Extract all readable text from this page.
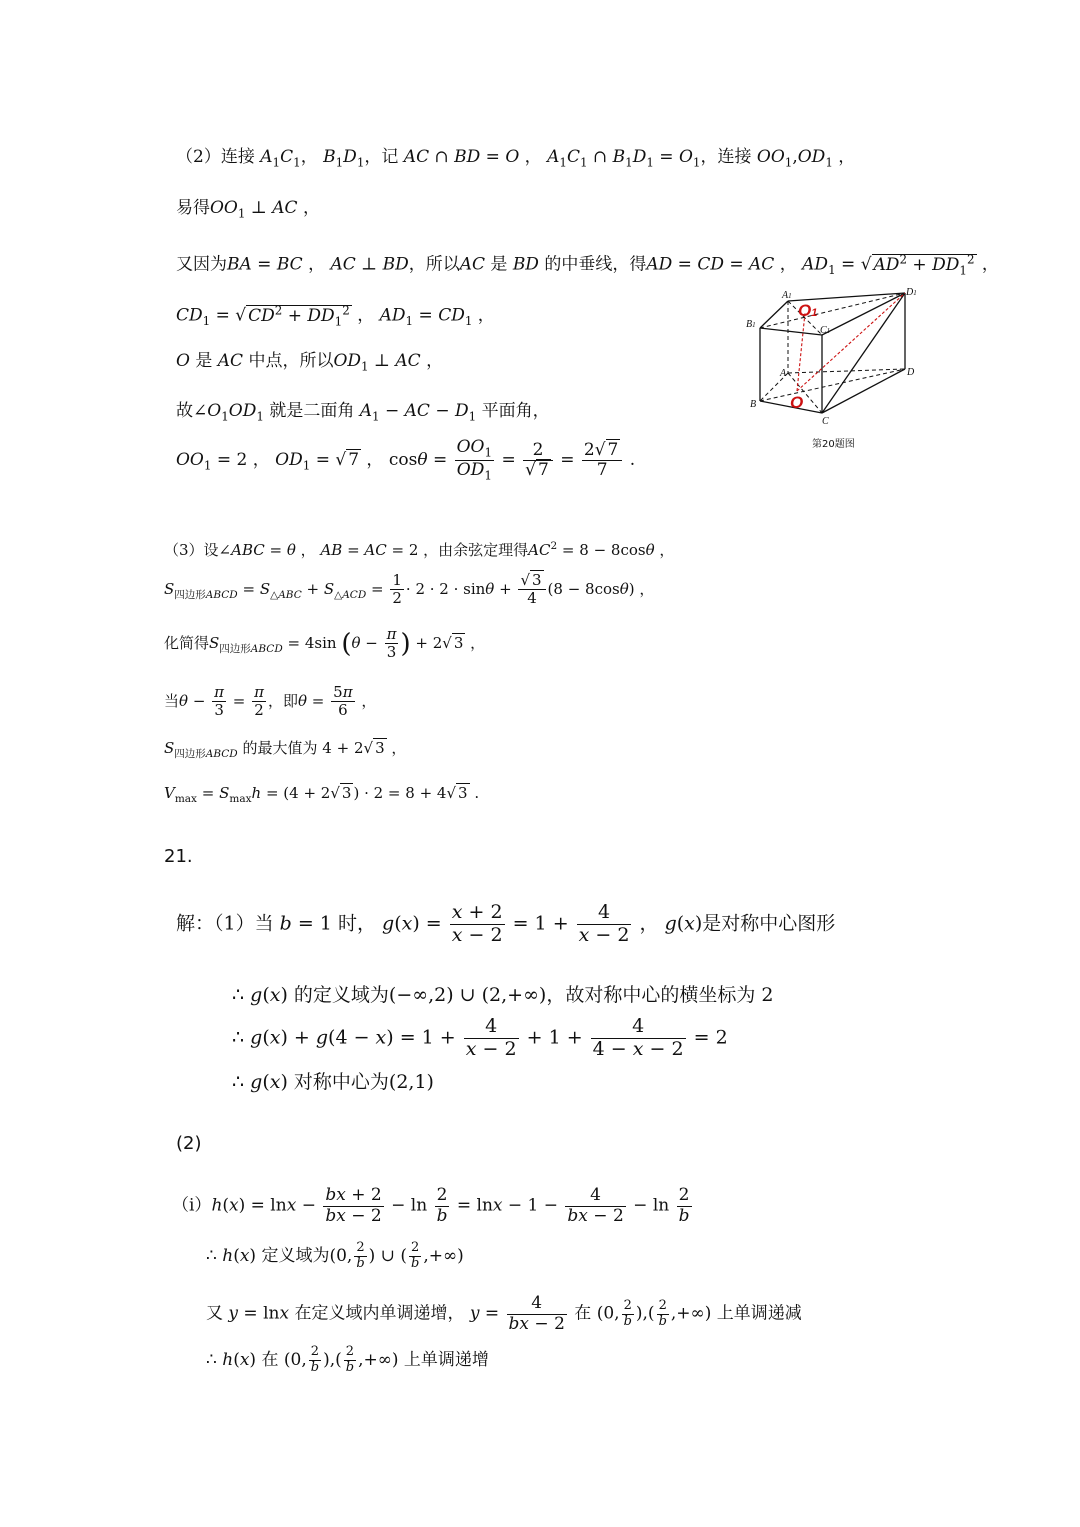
（2）连接 $A_1C_1$， $B_1D_1$，记 AC ∩ BD = O ， $A_1C_1$ ∩ $B_1D_1 = O_1$，连接 $OO_1,OD_1$ ，
易得$OO_1$ ⊥ AC ，
又因为BA = BC ， AC ⊥ BD，所以AC 是 BD 的中垂线，得AD = CD = AC ， $AD_1$ = √ $AD^2 + DD_1^2$ ，
$CD_1$ = √ $CD^2 + DD_1^2$ ， $AD_1 = CD_1$ ，
O 是 AC 中点，所以$OD_1$ ⊥ AC ，
故$\angle O_1OD_1$ 就是二面角 $A_1$ − AC − $D_1$ 平面角，
$OO_1 = 2$ ， $OD_1$ = √ 7 ， $\cos\theta = \frac{OO_1}{OD_1} = \frac{2}{√ 7} = \frac{2√ 7}{7}$ .
A1
B1	C1
D1
A
B
C
D
O1
O
第20题图
（3）设∠ABC = θ ， AB = AC = 2 ，由余弦定理得$AC^2 = 8 - 8\cos\theta$ ，
$S_{四边形ABCD} = S_{\triangle ABC} + S_{\triangle ACD} = \frac{1}{2} \cdot 2 \cdot 2 \cdot \sin\theta + \frac{√ 3}{4} (8 - 8\cos\theta)$ ，
化简得$S_{四边形ABCD} = 4\sin$ ($\theta - \frac{\pi}{3}$ ) + 2√ 3 ，
当$\theta - \frac{\pi}{3} = \frac{\pi}{2}$ ，即$\theta = \frac{5\pi}{6}$ ，
$S_{四边形ABCD}$ 的最大值为 4 + 2√ 3 ，
$V_{max} = S_{max}h = (4 + 2√$ 3 ) · 2 = 8 + 4√ 3 .
21.
解：（1）当 b = 1 时， $g(x) = \frac{x + 2}{x - 2} = 1 + \frac{4}{x - 2}$ ， g(x)是对称中心图形
∴ g(x) 的定义域为(−∞,2) ∪ (2,+∞)，故对称中心的横坐标为 2
∴ $g(x) + g(4 - x) = 1 + \frac{4}{x - 2} + 1 + \frac{4}{4 - x - 2} = 2$
∴ g(x) 对称中心为(2,1)
(2)
$(i)h(x) = \ln x - \frac{bx + 2}{bx - 2} - \ln \frac{2}{b} = \ln x - 1 - \frac{4}{bx - 2} - \ln \frac{2}{b}$
∴ h(x) 定义域为(0, $\frac{2}{b}$ ) ∪ ( $\frac{2}{b}$ ,+∞)
又 y = lnx 在定义域内单调递增， $y = \frac{4}{bx - 2}$ 在 (0, $\frac{2}{b}$ ),( $\frac{2}{b}$ ,+∞) 上单调递减
∴ h(x) 在 (0, $\frac{2}{b}$ ),( $\frac{2}{b}$ ,+∞) 上单调递增
